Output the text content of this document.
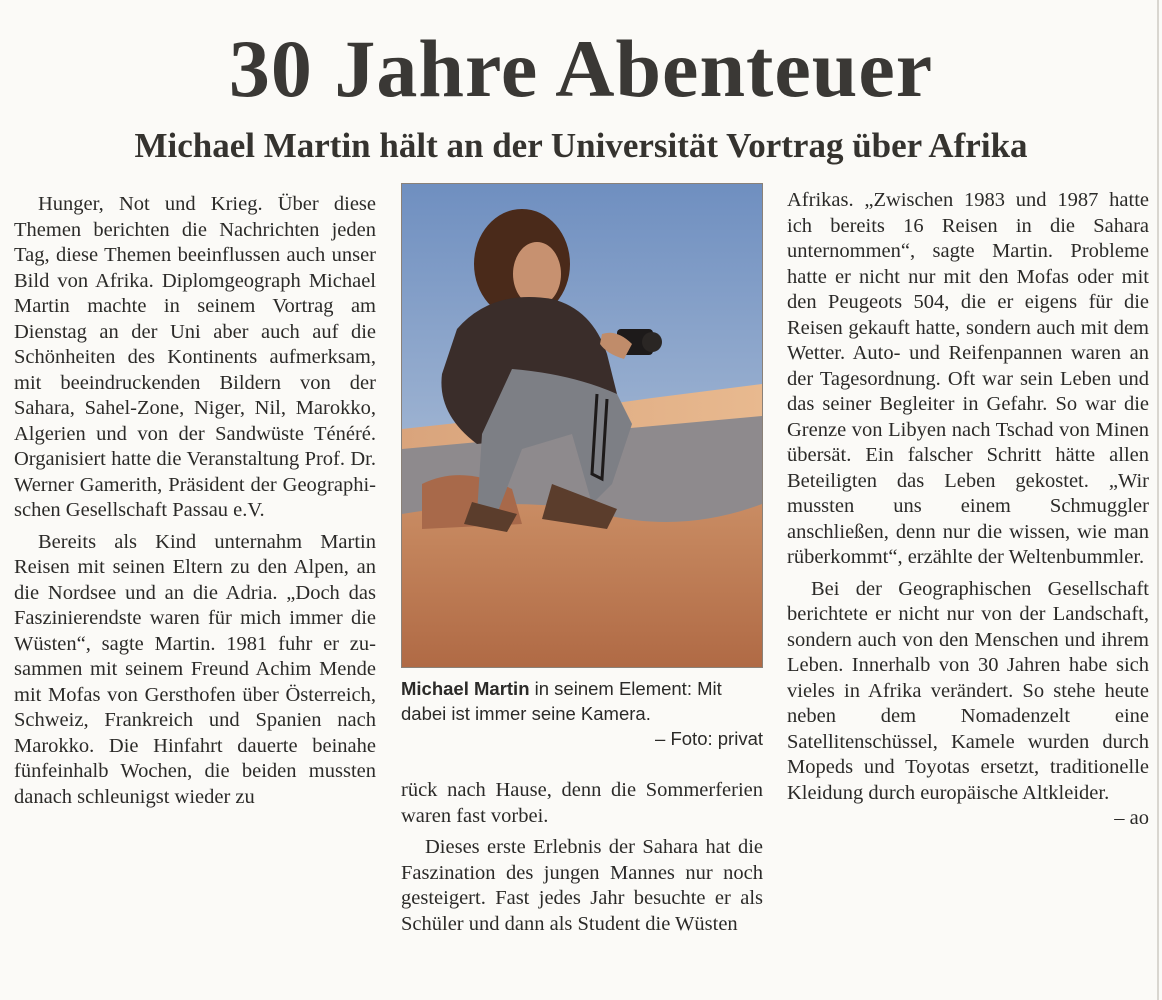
30 Jahre Abenteuer
Michael Martin hält an der Universität Vortrag über Afrika

Hunger, Not und Krieg. Über diese Themen berichten die Nachrichten jeden Tag, diese Themen beeinflussen auch unser Bild von Afrika. Diplomgeograph Michael Martin machte in seinem Vortrag am Dienstag an der Uni aber auch auf die Schönheiten des Kontinents aufmerksam, mit beeindruckenden Bildern von der Sahara, Sahel-Zone, Niger, Nil, Marokko, Algerien und von der Sandwüste Ténéré. Organisiert hatte die Veranstaltung Prof. Dr. Werner Gamerith, Präsident der Geographischen Gesellschaft Passau e.V.

Bereits als Kind unternahm Martin Reisen mit seinen Eltern zu den Alpen, an die Nordsee und an die Adria. „Doch das Faszinierendste waren für mich immer die Wüsten“, sagte Martin. 1981 fuhr er zusammen mit seinem Freund Achim Mende mit Mofas von Gersthofen über Österreich, Schweiz, Frankreich und Spanien nach Marokko. Die Hinfahrt dauerte beinahe fünfeinhalb Wochen, die beiden mussten danach schleunigst wieder zu

Michael Martin in seinem Element: Mit dabei ist immer seine Kamera.
– Foto: privat

rück nach Hause, denn die Sommerferien waren fast vorbei.

Dieses erste Erlebnis der Sahara hat die Faszination des jungen Mannes nur noch gesteigert. Fast jedes Jahr besuchte er als Schüler und dann als Student die Wüsten

Afrikas. „Zwischen 1983 und 1987 hatte ich bereits 16 Reisen in die Sahara unternommen“, sagte Martin. Probleme hatte er nicht nur mit den Mofas oder mit den Peugeots 504, die er eigens für die Reisen gekauft hatte, sondern auch mit dem Wetter. Auto- und Reifenpannen waren an der Tagesordnung. Oft war sein Leben und das seiner Begleiter in Gefahr. So war die Grenze von Libyen nach Tschad von Minen übersät. Ein falscher Schritt hätte allen Beteiligten das Leben gekostet. „Wir mussten uns einem Schmuggler anschließen, denn nur die wissen, wie man rüberkommt“, erzählte der Weltenbummler.

Bei der Geographischen Gesellschaft berichtete er nicht nur von der Landschaft, sondern auch von den Menschen und ihrem Leben. Innerhalb von 30 Jahren habe sich vieles in Afrika verändert. So stehe heute neben dem Nomadenzelt eine Satellitenschüssel, Kamele wurden durch Mopeds und Toyotas ersetzt, traditionelle Kleidung durch europäische Altkleider.
– ao
